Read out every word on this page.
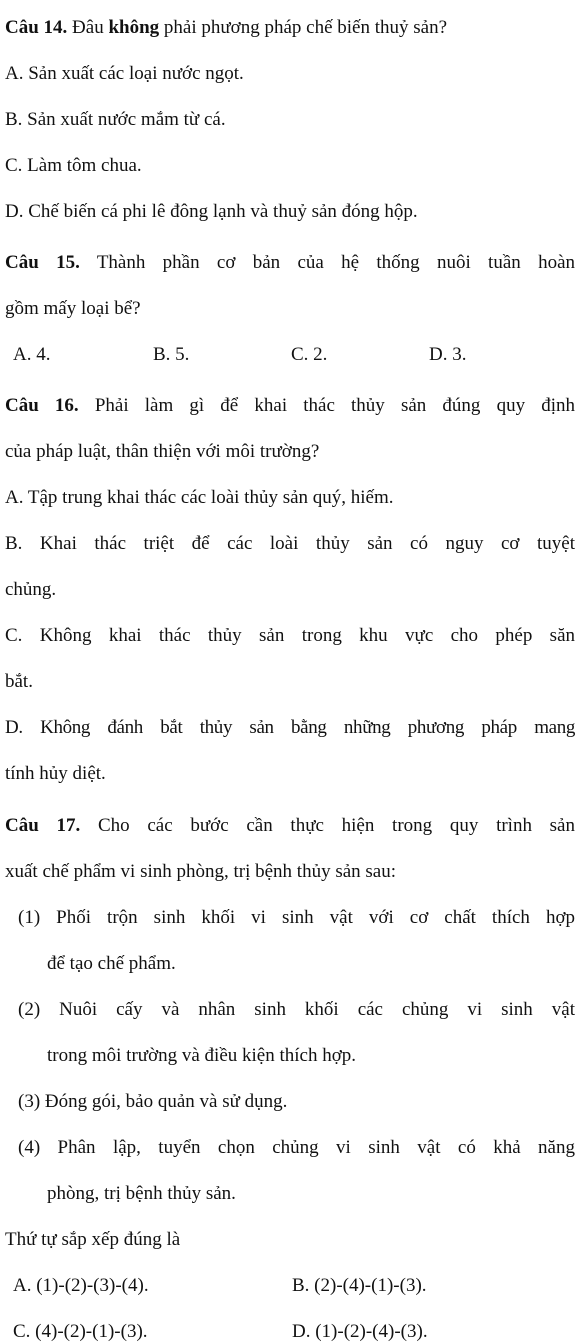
Câu 14. Đâu không phải phương pháp chế biến thuỷ sản?
A. Sản xuất các loại nước ngọt.
B. Sản xuất nước mắm từ cá.
C. Làm tôm chua.
D. Chế biến cá phi lê đông lạnh và thuỷ sản đóng hộp.
Câu 15. Thành phần cơ bản của hệ thống nuôi tuần hoàn
gồm mấy loại bể?
A. 4.	B. 5.	C. 2.	D. 3.
Câu 16. Phải làm gì để khai thác thủy sản đúng quy định
của pháp luật, thân thiện với môi trường?
A. Tập trung khai thác các loài thủy sản quý, hiếm.
B. Khai thác triệt để các loài thủy sản có nguy cơ tuyệt
chủng.
C. Không khai thác thủy sản trong khu vực cho phép săn
bắt.
D. Không đánh bắt thủy sản bằng những phương pháp mang
tính hủy diệt.
Câu 17. Cho các bước cần thực hiện trong quy trình sản
xuất chế phẩm vi sinh phòng, trị bệnh thủy sản sau:
(1) Phối trộn sinh khối vi sinh vật với cơ chất thích hợp
để tạo chế phẩm.
(2) Nuôi cấy và nhân sinh khối các chủng vi sinh vật
trong môi trường và điều kiện thích hợp.
(3) Đóng gói, bảo quản và sử dụng.
(4) Phân lập, tuyển chọn chủng vi sinh vật có khả năng
phòng, trị bệnh thủy sản.
Thứ tự sắp xếp đúng là
A. (1)-(2)-(3)-(4).	B. (2)-(4)-(1)-(3).
C. (4)-(2)-(1)-(3).	D. (1)-(2)-(4)-(3).
